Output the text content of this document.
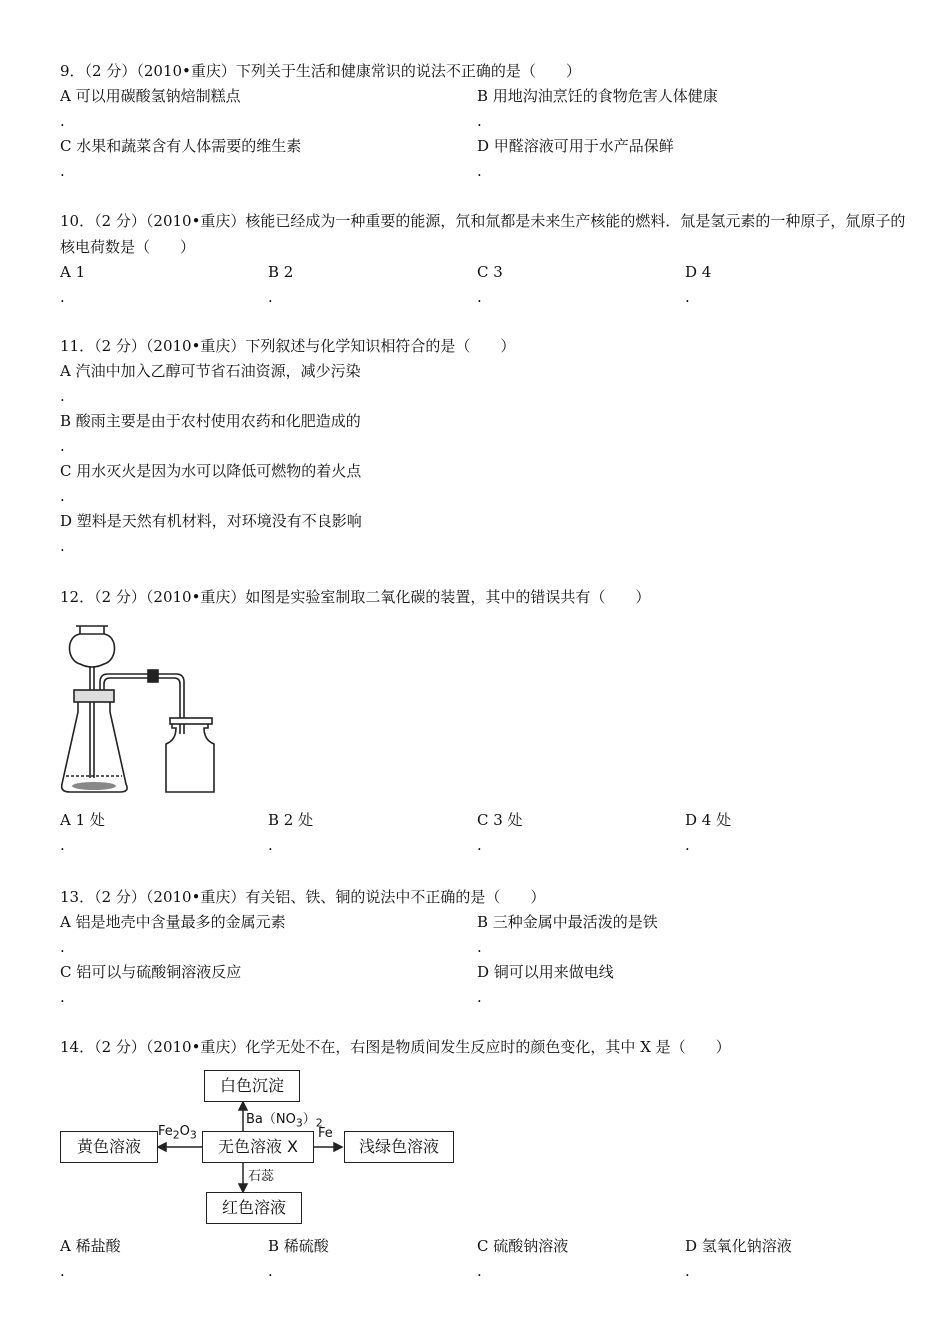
9．（2 分）（2010•重庆）下列关于生活和健康常识的说法不正确的是（　　）
A 可以用碳酸氢钠焙制糕点	B 用地沟油烹饪的食物危害人体健康
.	.
C 水果和蔬菜含有人体需要的维生素	D 甲醛溶液可用于水产品保鲜
.	.
10．（2 分）（2010•重庆）核能已经成为一种重要的能源，氘和氚都是未来生产核能的燃料．氚是氢元素的一种原子，氚原子的核电荷数是（　　）
A 1	B 2	C 3	D 4
.	.	.	.
11．（2 分）（2010•重庆）下列叙述与化学知识相符合的是（　　）
A 汽油中加入乙醇可节省石油资源，减少污染
.
B 酸雨主要是由于农村使用农药和化肥造成的
.
C 用水灭火是因为水可以降低可燃物的着火点
.
D 塑料是天然有机材料，对环境没有不良影响
.
12．（2 分）（2010•重庆）如图是实验室制取二氧化碳的装置，其中的错误共有（　　）
A 1 处	B 2 处	C 3 处	D 4 处
.	.	.	.
13．（2 分）（2010•重庆）有关铝、铁、铜的说法中不正确的是（　　）
A 铝是地壳中含量最多的金属元素	B 三种金属中最活泼的是铁
.	.
C 铝可以与硫酸铜溶液反应	D 铜可以用来做电线
.	.
14．（2 分）（2010•重庆）化学无处不在，右图是物质间发生反应时的颜色变化，其中 X 是（　　）
白色沉淀
黄色溶液	无色溶液 X	浅绿色溶液
红色溶液
$Ba(NO_3)_2$
$Fe_2O_3$	Fe
石蕊
A 稀盐酸	B 稀硫酸	C 硫酸钠溶液	D 氢氧化钠溶液
.	.	.	.
